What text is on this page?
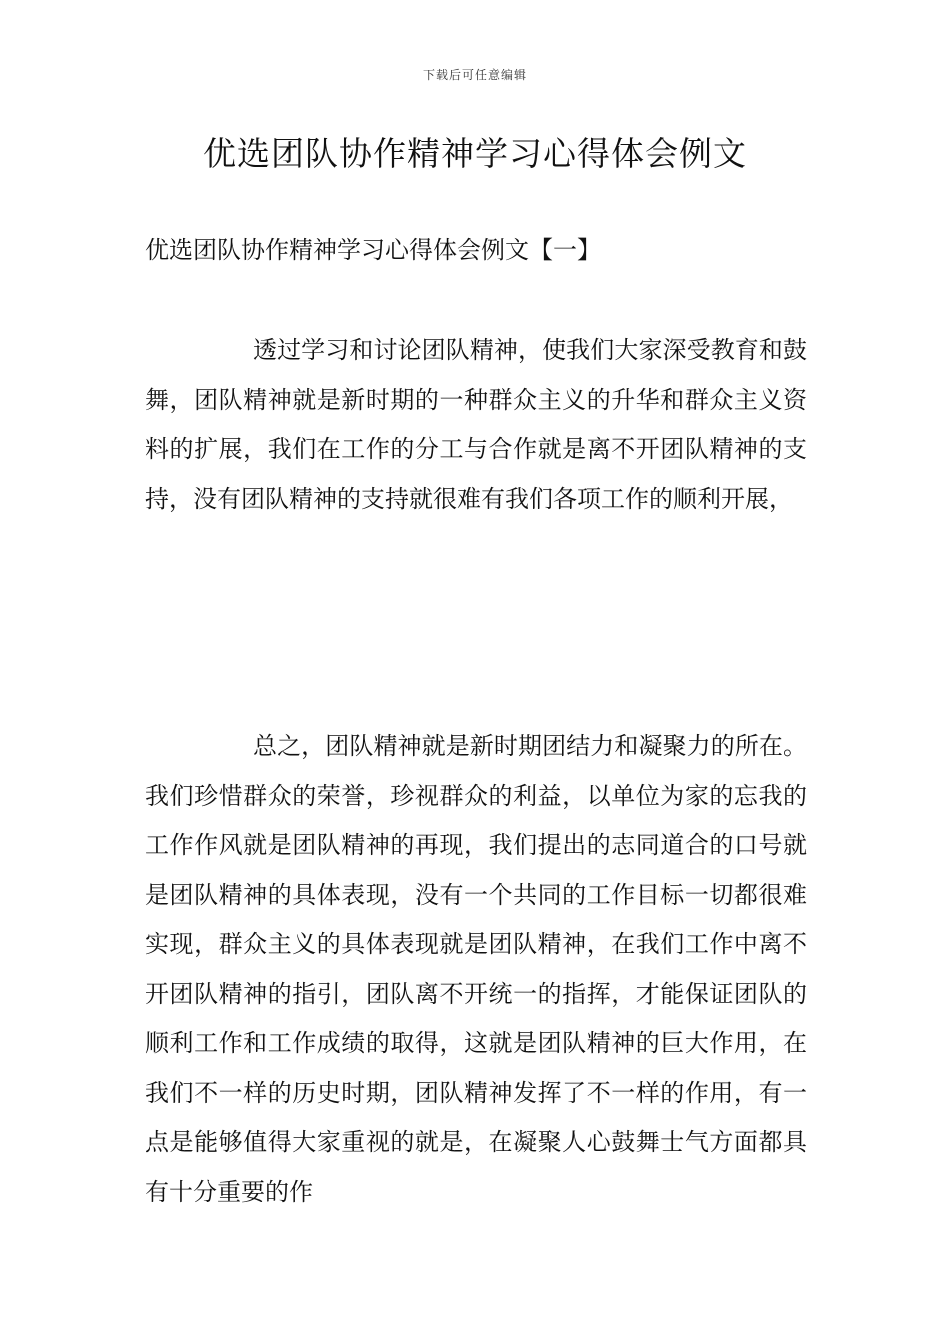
下载后可任意编辑
优选团队协作精神学习心得体会例文

优选团队协作精神学习心得体会例文【一】

透过学习和讨论团队精神，使我们大家深受教育和鼓舞，团队精神就是新时期的一种群众主义的升华和群众主义资料的扩展，我们在工作的分工与合作就是离不开团队精神的支持，没有团队精神的支持就很难有我们各项工作的顺利开展，

总之，团队精神就是新时期团结力和凝聚力的所在。我们珍惜群众的荣誉，珍视群众的利益，以单位为家的忘我的工作作风就是团队精神的再现，我们提出的志同道合的口号就是团队精神的具体表现，没有一个共同的工作目标一切都很难实现，群众主义的具体表现就是团队精神，在我们工作中离不开团队精神的指引，团队离不开统一的指挥，才能保证团队的顺利工作和工作成绩的取得，这就是团队精神的巨大作用，在我们不一样的历史时期，团队精神发挥了不一样的作用，有一点是能够值得大家重视的就是，在凝聚人心鼓舞士气方面都具有十分重要的作
